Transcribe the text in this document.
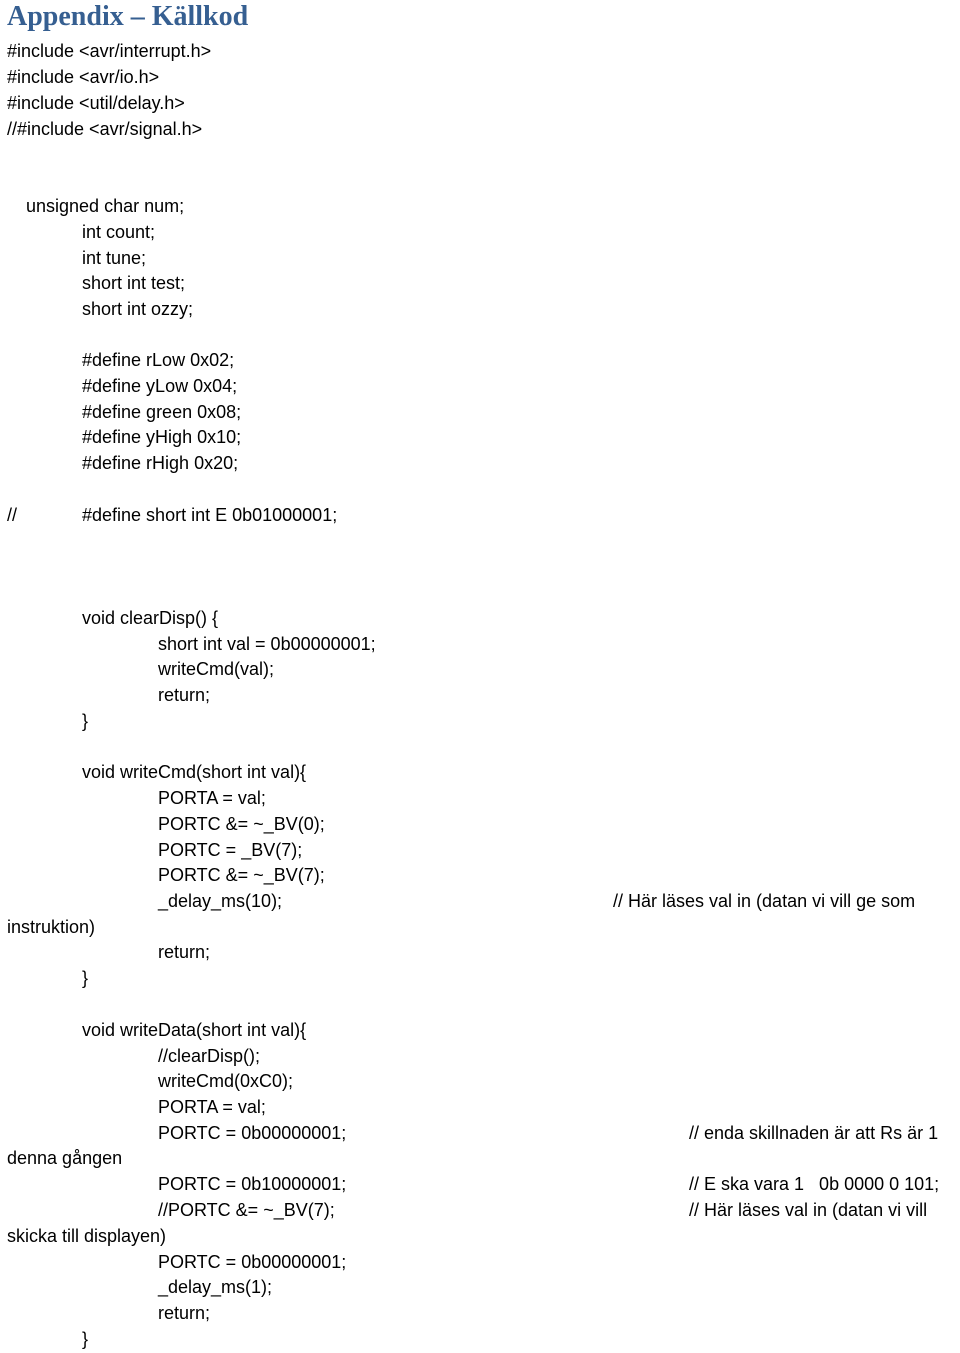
Appendix – Källkod
#include <avr/interrupt.h>
#include <avr/io.h>
#include <util/delay.h>
//#include <avr/signal.h>
unsigned char num;
int count;
int tune;
short int test;
short int ozzy;
#define rLow 0x02;
#define yLow 0x04;
#define green 0x08;
#define yHigh 0x10;
#define rHigh 0x20;
//	#define short int E 0b01000001;
void clearDisp() {
short int val = 0b00000001;
writeCmd(val);
return;
}
void writeCmd(short int val){
PORTA = val;
PORTC &= ~_BV(0);
PORTC = _BV(7);
PORTC &= ~_BV(7);
_delay_ms(10);	// Här läses val in (datan vi vill ge som
instruktion)
return;
}
void writeData(short int val){
//clearDisp();
writeCmd(0xC0);
PORTA = val;
PORTC = 0b00000001;	// enda skillnaden är att Rs är 1
denna gången
PORTC = 0b10000001;	// E ska vara 1   0b 0000 0 101;
//PORTC &= ~_BV(7);	// Här läses val in (datan vi vill
skicka till displayen)
PORTC = 0b00000001;
_delay_ms(1);
return;
}
